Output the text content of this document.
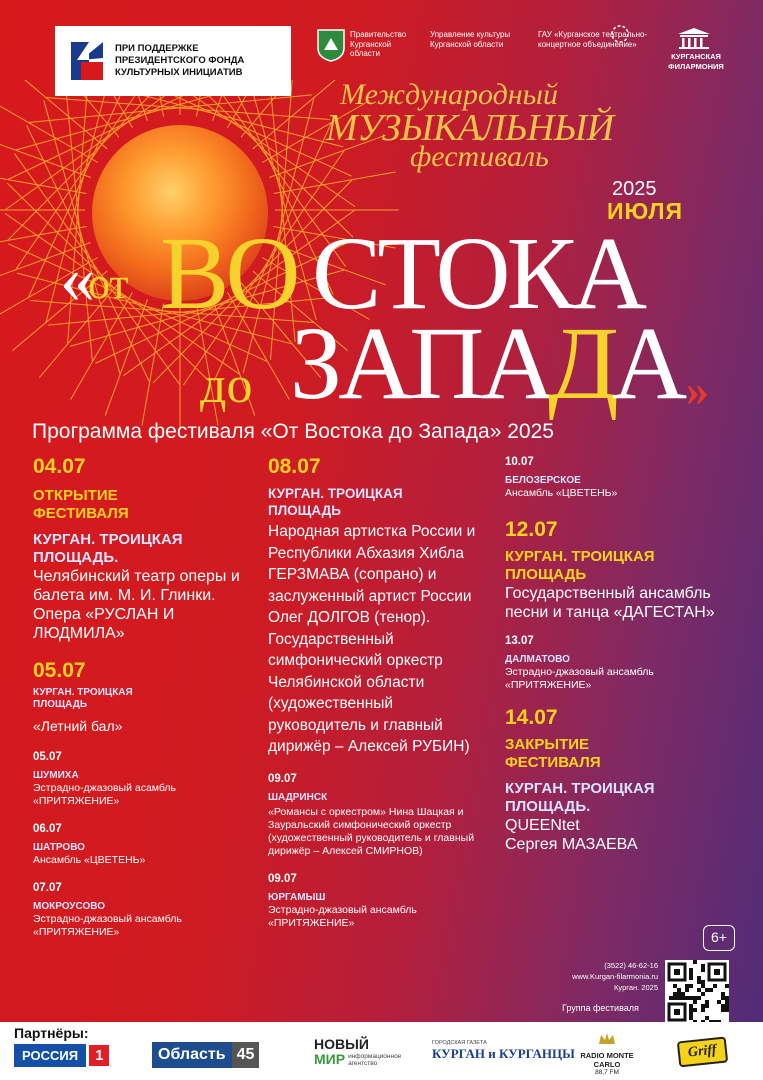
ПРИ ПОДДЕРЖКЕ ПРЕЗИДЕНТСКОГО ФОНДА КУЛЬТУРНЫХ ИНИЦИАТИВ
Правительство Курганской области
Управление культуры Курганской области
ГАУ «Курганское театрально-концертное объединение»
КУРГАНСКАЯ ФИЛАРМОНИЯ
Международный
МУЗЫКАЛЬНЫЙ
фестиваль
2025
ИЮЛЯ
«
от ВО СТОКА
до ЗАПА
Д
А
»
Программа фестиваля «От Востока до Запада» 2025
04.07
ОТКРЫТИЕ ФЕСТИВАЛЯ
КУРГАН. ТРОИЦКАЯ ПЛОЩАДЬ.
Челябинский театр оперы и балета им. М. И. Глинки. Опера «РУСЛАН И ЛЮДМИЛА»
05.07
КУРГАН. ТРОИЦКАЯ ПЛОЩАДЬ
«Летний бал»
05.07
ШУМИХА
Эстрадно-джазовый асамбль «ПРИТЯЖЕНИЕ»
06.07
ШАТРОВО
Ансамбль «ЦВЕТЕНЬ»
07.07
МОКРОУСОВО
Эстрадно-джазовый ансамбль «ПРИТЯЖЕНИЕ»
08.07
КУРГАН. ТРОИЦКАЯ ПЛОЩАДЬ
Народная артистка России и Республики Абхазия Хибла ГЕРЗМАВА (сопрано) и заслуженный артист России Олег ДОЛГОВ (тенор). Государственный симфонический оркестр Челябинской области (художественный руководитель и главный дирижёр – Алексей РУБИН)
09.07
ШАДРИНСК
«Романсы с оркестром» Нина Шацкая и Зауральский симфонический оркестр (художественный руководитель и главный дирижёр – Алексей СМИРНОВ)
09.07
ЮРГАМЫШ
Эстрадно-джазовый ансамбль «ПРИТЯЖЕНИЕ»
10.07
БЕЛОЗЕРСКОЕ
Ансамбль «ЦВЕТЕНЬ»
12.07
КУРГАН. ТРОИЦКАЯ ПЛОЩАДЬ
Государственный ансамбль песни и танца «ДАГЕСТАН»
13.07
ДАЛМАТОВО
Эстрадно-джазовый ансамбль «ПРИТЯЖЕНИЕ»
14.07
ЗАКРЫТИЕ ФЕСТИВАЛЯ
КУРГАН. ТРОИЦКАЯ ПЛОЩАДЬ.
QUEENtet
Сергея МАЗАЕВА
6+
(3522) 46-62-16
www.Kurgan-filarmonia.ru
Курган. 2025
Группа фестиваля
Партнёры:
РОССИЯ	1	Область 45
НОВЫЙ
МИР информационное агентство
ГОРОДСКАЯ ГАЗЕТА
КУРГАН и КУРГАНЦЫ RADIO MONTE CARLO
88,7 FM
Griff
